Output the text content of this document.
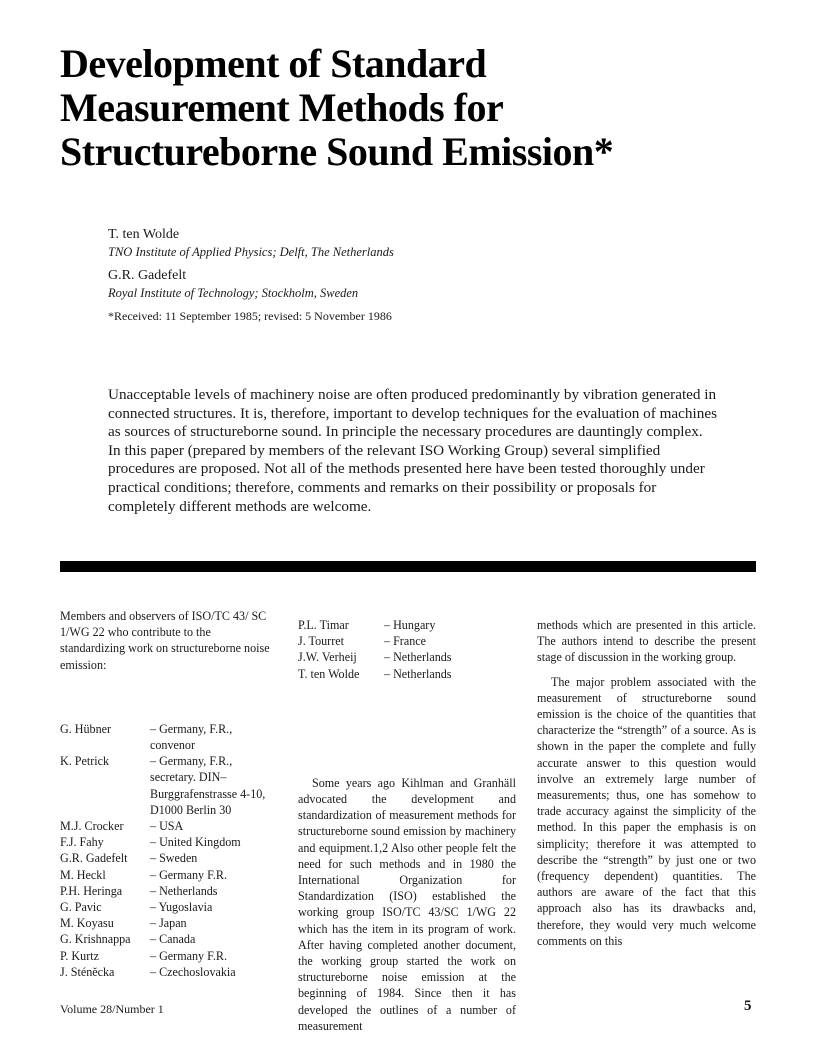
Development of Standard
Measurement Methods for
Structureborne Sound Emission*
T. ten Wolde
TNO Institute of Applied Physics; Delft, The Netherlands
G.R. Gadefelt
Royal Institute of Technology; Stockholm, Sweden
*Received: 11 September 1985; revised: 5 November 1986

Unacceptable levels of machinery noise are often produced predominantly by vibration generated in connected structures. It is, therefore, important to develop techniques for the evaluation of machines as sources of structureborne sound. In principle the necessary procedures are dauntingly complex. In this paper (prepared by members of the relevant ISO Working Group) several simplified procedures are proposed. Not all of the methods presented here have been tested thoroughly under practical conditions; therefore, comments and remarks on their possibility or proposals for completely different methods are welcome.

Members and observers of ISO/TC 43/ SC 1/WG 22 who contribute to the standardizing work on structureborne noise emission:

G. Hübner	– Germany, F.R., convenor
K. Petrick	– Germany, F.R., secretary. DIN–Burggrafenstrasse 4-10, D1000 Berlin 30
M.J. Crocker	– USA
F.J. Fahy	– United Kingdom
G.R. Gadefelt	– Sweden
M. Heckl	– Germany F.R.
P.H. Heringa	– Netherlands
G. Pavic	– Yugoslavia
M. Koyasu	– Japan
G. Krishnappa	– Canada
P. Kurtz	– Germany F.R.
J. Sténĕcka	– Czechoslovakia
P.L. Timar	– Hungary
J. Tourret	– France
J.W. Verheij	– Netherlands
T. ten Wolde	– Netherlands

Some years ago Kihlman and Granhäll advocated the development and standardization of measurement methods for structureborne sound emission by machinery and equipment.1,2 Also other people felt the need for such methods and in 1980 the International Organization for Standardization (ISO) established the working group ISO/TC 43/SC 1/WG 22 which has the item in its program of work. After having completed another document, the working group started the work on structureborne noise emission at the beginning of 1984. Since then it has developed the outlines of a number of measurement

methods which are presented in this article. The authors intend to describe the present stage of discussion in the working group.

The major problem associated with the measurement of structureborne sound emission is the choice of the quantities that characterize the “strength” of a source. As is shown in the paper the complete and fully accurate answer to this question would involve an extremely large number of measurements; thus, one has somehow to trade accuracy against the simplicity of the method. In this paper the emphasis is on simplicity; therefore it was attempted to describe the “strength” by just one or two (frequency dependent) quantities. The authors are aware of the fact that this approach also has its drawbacks and, therefore, they would very much welcome comments on this

Volume 28/Number 1	5
